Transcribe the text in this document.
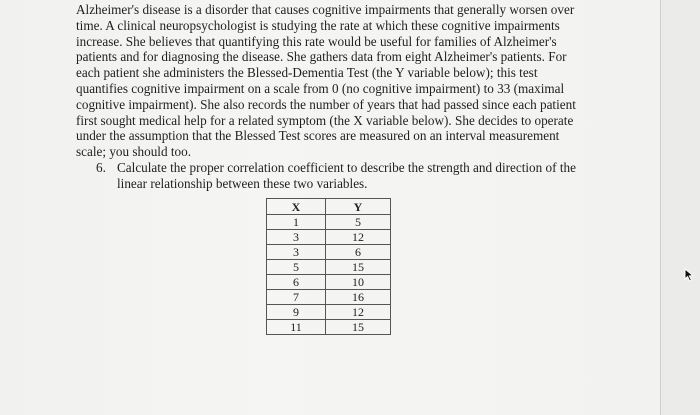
Alzheimer's disease is a disorder that causes cognitive impairments that generally worsen over
time. A clinical neuropsychologist is studying the rate at which these cognitive impairments
increase. She believes that quantifying this rate would be useful for families of Alzheimer's
patients and for diagnosing the disease. She gathers data from eight Alzheimer's patients. For
each patient she administers the Blessed-Dementia Test (the Y variable below); this test
quantifies cognitive impairment on a scale from 0 (no cognitive impairment) to 33 (maximal
cognitive impairment). She also records the number of years that had passed since each patient
first sought medical help for a related symptom (the X variable below). She decides to operate
under the assumption that the Blessed Test scores are measured on an interval measurement
scale; you should too.

6. Calculate the proper correlation coefficient to describe the strength and direction of the
linear relationship between these two variables.
X	Y
1	5
3	12
3	6
5	15
6	10
7	16
9	12
11	15
